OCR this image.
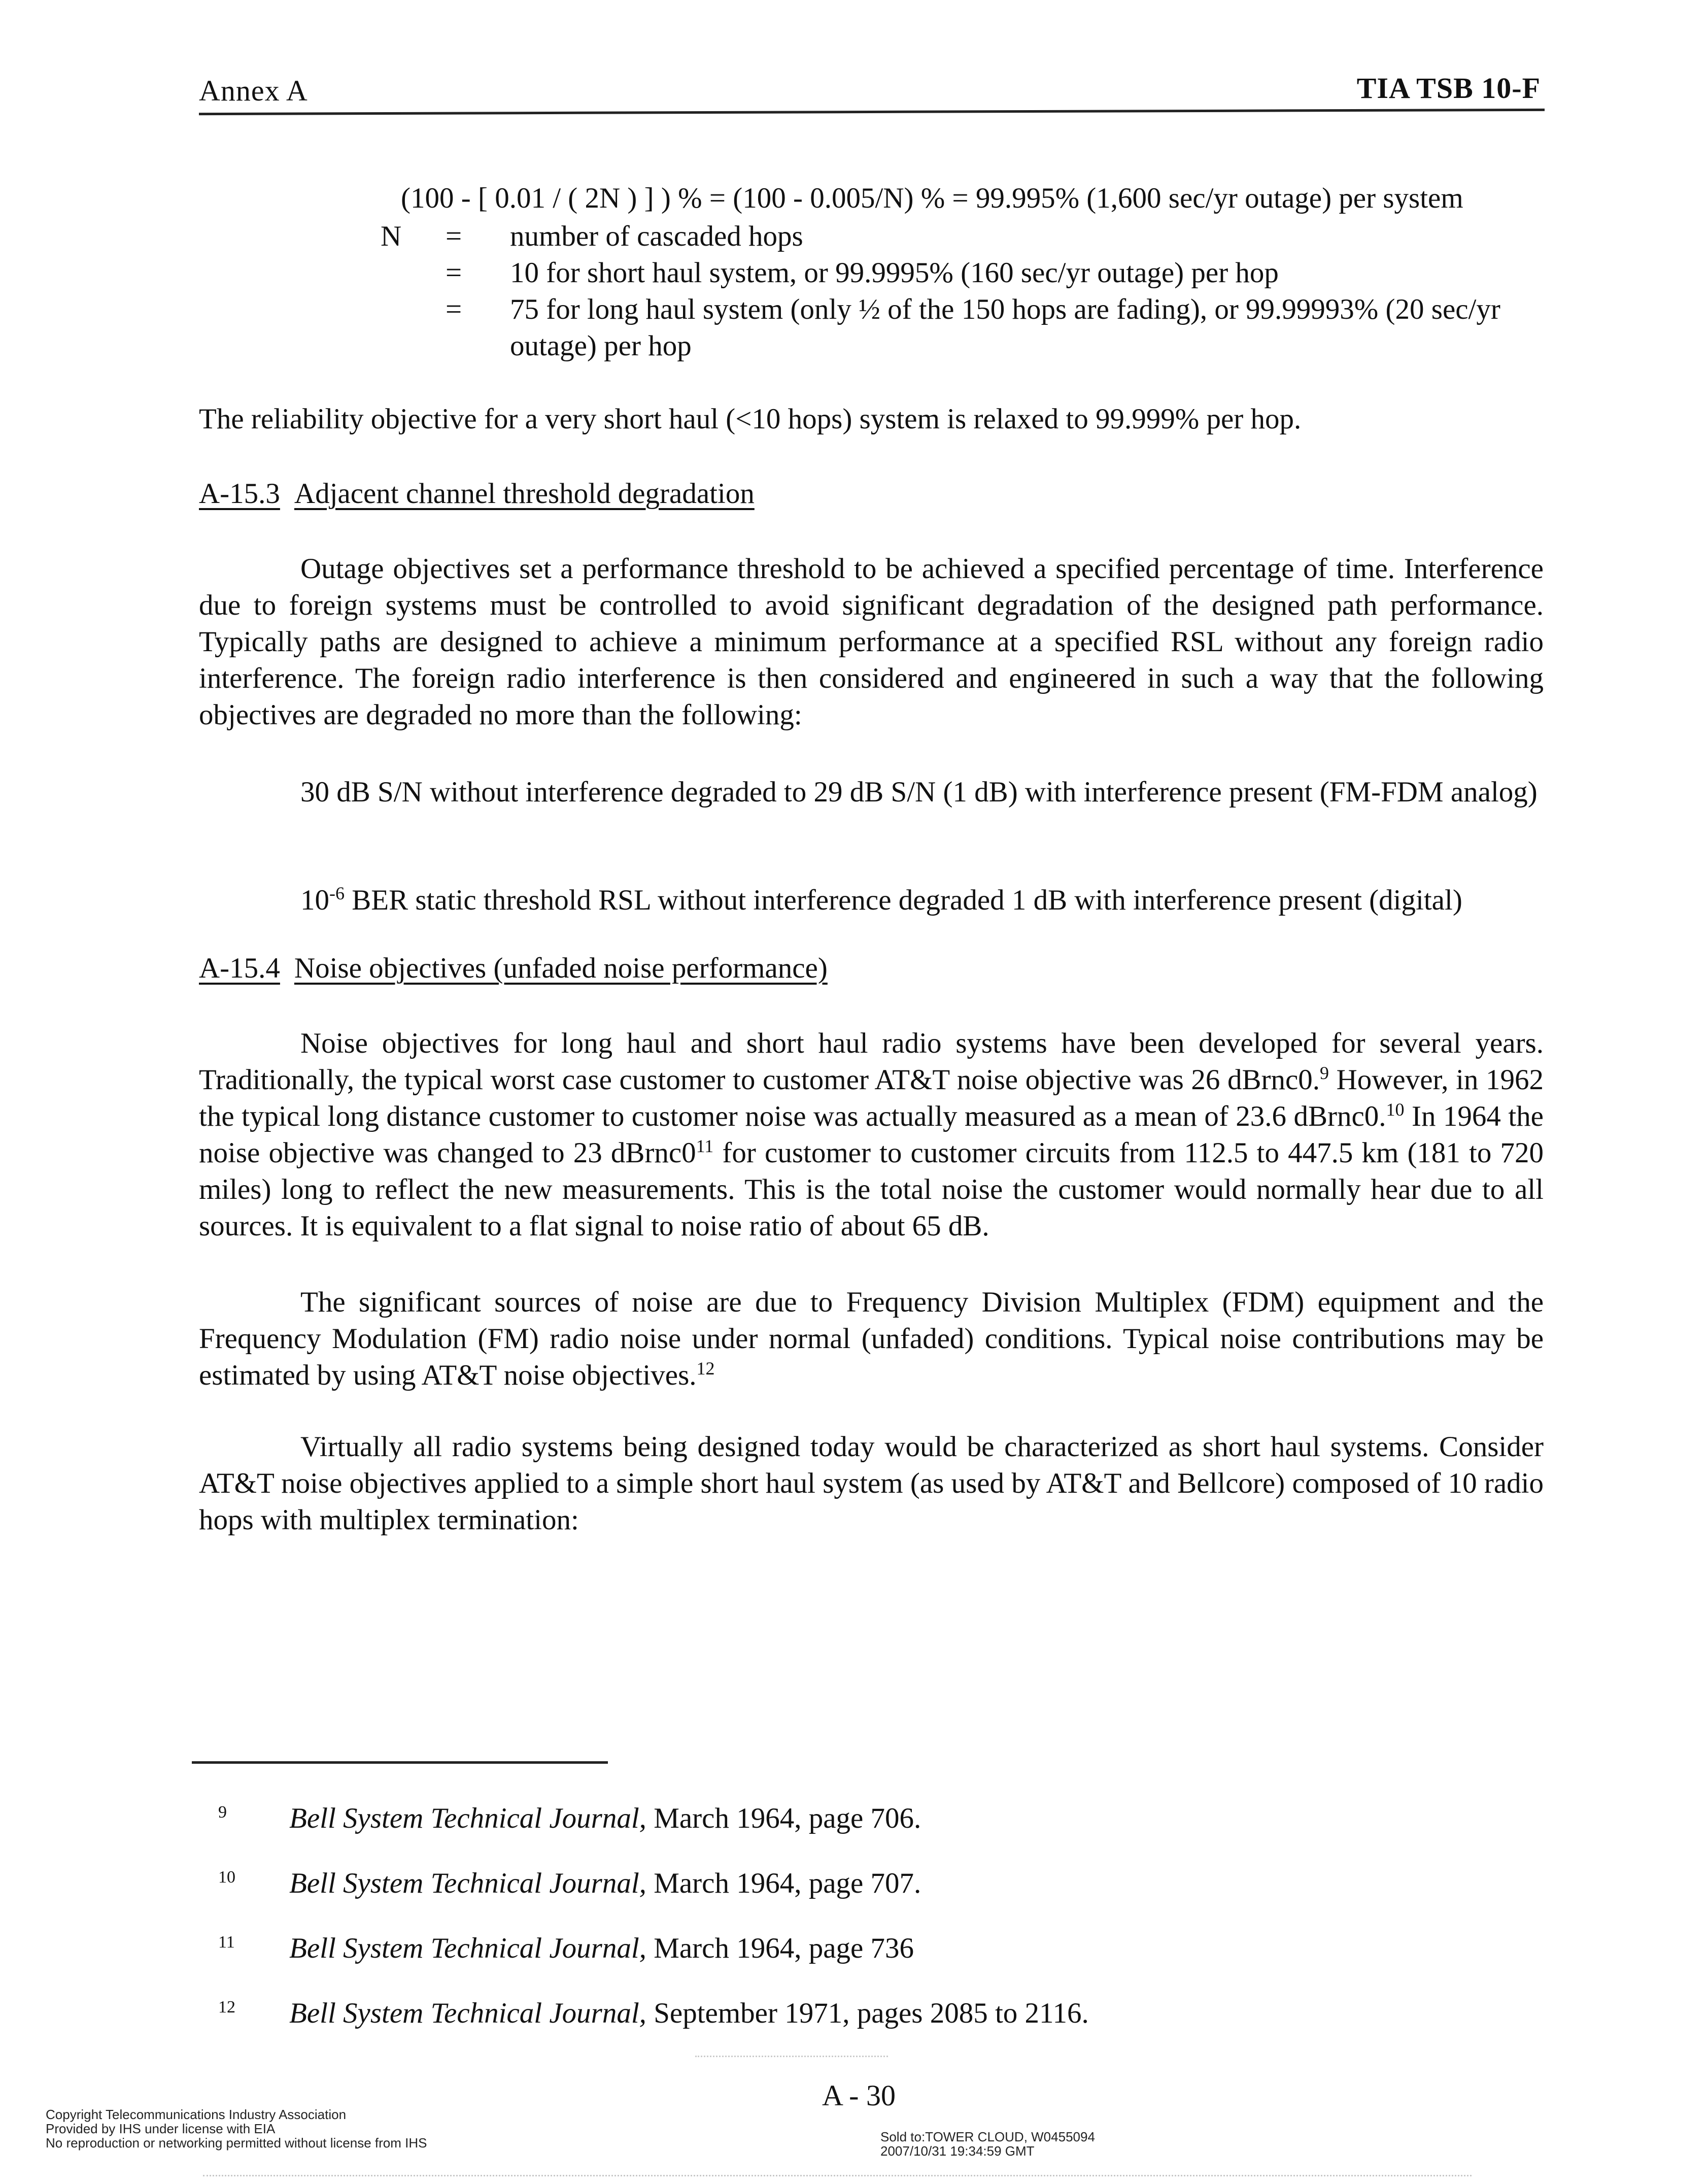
Annex A	TIA TSB 10-F
(100 - [ 0.01 / ( 2N ) ] ) % = (100 - 0.005/N) % = 99.995% (1,600 sec/yr outage) per system
N = number of cascaded hops
= 10 for short haul system, or 99.9995% (160 sec/yr outage) per hop
= 75 for long haul system (only ½ of the 150 hops are fading), or 99.99993% (20 sec/yr outage) per hop
The reliability objective for a very short haul (<10 hops) system is relaxed to 99.999% per hop.
A-15.3 Adjacent channel threshold degradation
Outage objectives set a performance threshold to be achieved a specified percentage of time. Interference due to foreign systems must be controlled to avoid significant degradation of the designed path performance. Typically paths are designed to achieve a minimum performance at a specified RSL without any foreign radio interference. The foreign radio interference is then considered and engineered in such a way that the following objectives are degraded no more than the following:
30 dB S/N without interference degraded to 29 dB S/N (1 dB) with interference present (FM-FDM analog)
$10^{-6}$ BER static threshold RSL without interference degraded 1 dB with interference present (digital)
A-15.4 Noise objectives (unfaded noise performance)
Noise objectives for long haul and short haul radio systems have been developed for several years. Traditionally, the typical worst case customer to customer AT&T noise objective was 26 dBrnc0.$^9$ However, in 1962 the typical long distance customer to customer noise was actually measured as a mean of 23.6 dBrnc0.10 In 1964 the noise objective was changed to 23 $dBrnc0^{11}$ for customer to customer circuits from 112.5 to 447.5 km (181 to 720 miles) long to reflect the new measurements. This is the total noise the customer would normally hear due to all sources. It is equivalent to a flat signal to noise ratio of about 65 dB.
The significant sources of noise are due to Frequency Division Multiplex (FDM) equipment and the Frequency Modulation (FM) radio noise under normal (unfaded) conditions. Typical noise contributions may be estimated by using AT&T noise objectives.$^{12}$
Virtually all radio systems being designed today would be characterized as short haul systems. Consider AT&T noise objectives applied to a simple short haul system (as used by AT&T and Bellcore) composed of 10 radio hops with multiplex termination:
9 Bell System Technical Journal, March 1964, page 706.
10 Bell System Technical Journal, March 1964, page 707.
11 Bell System Technical Journal, March 1964, page 736
12 Bell System Technical Journal, September 1971, pages 2085 to 2116.
A - 30
Copyright Telecommunications Industry Association
Provided by IHS under license with EIA
No reproduction or networking permitted without license from IHS	Sold to:TOWER CLOUD, W0455094
2007/10/31 19:34:59 GMT
